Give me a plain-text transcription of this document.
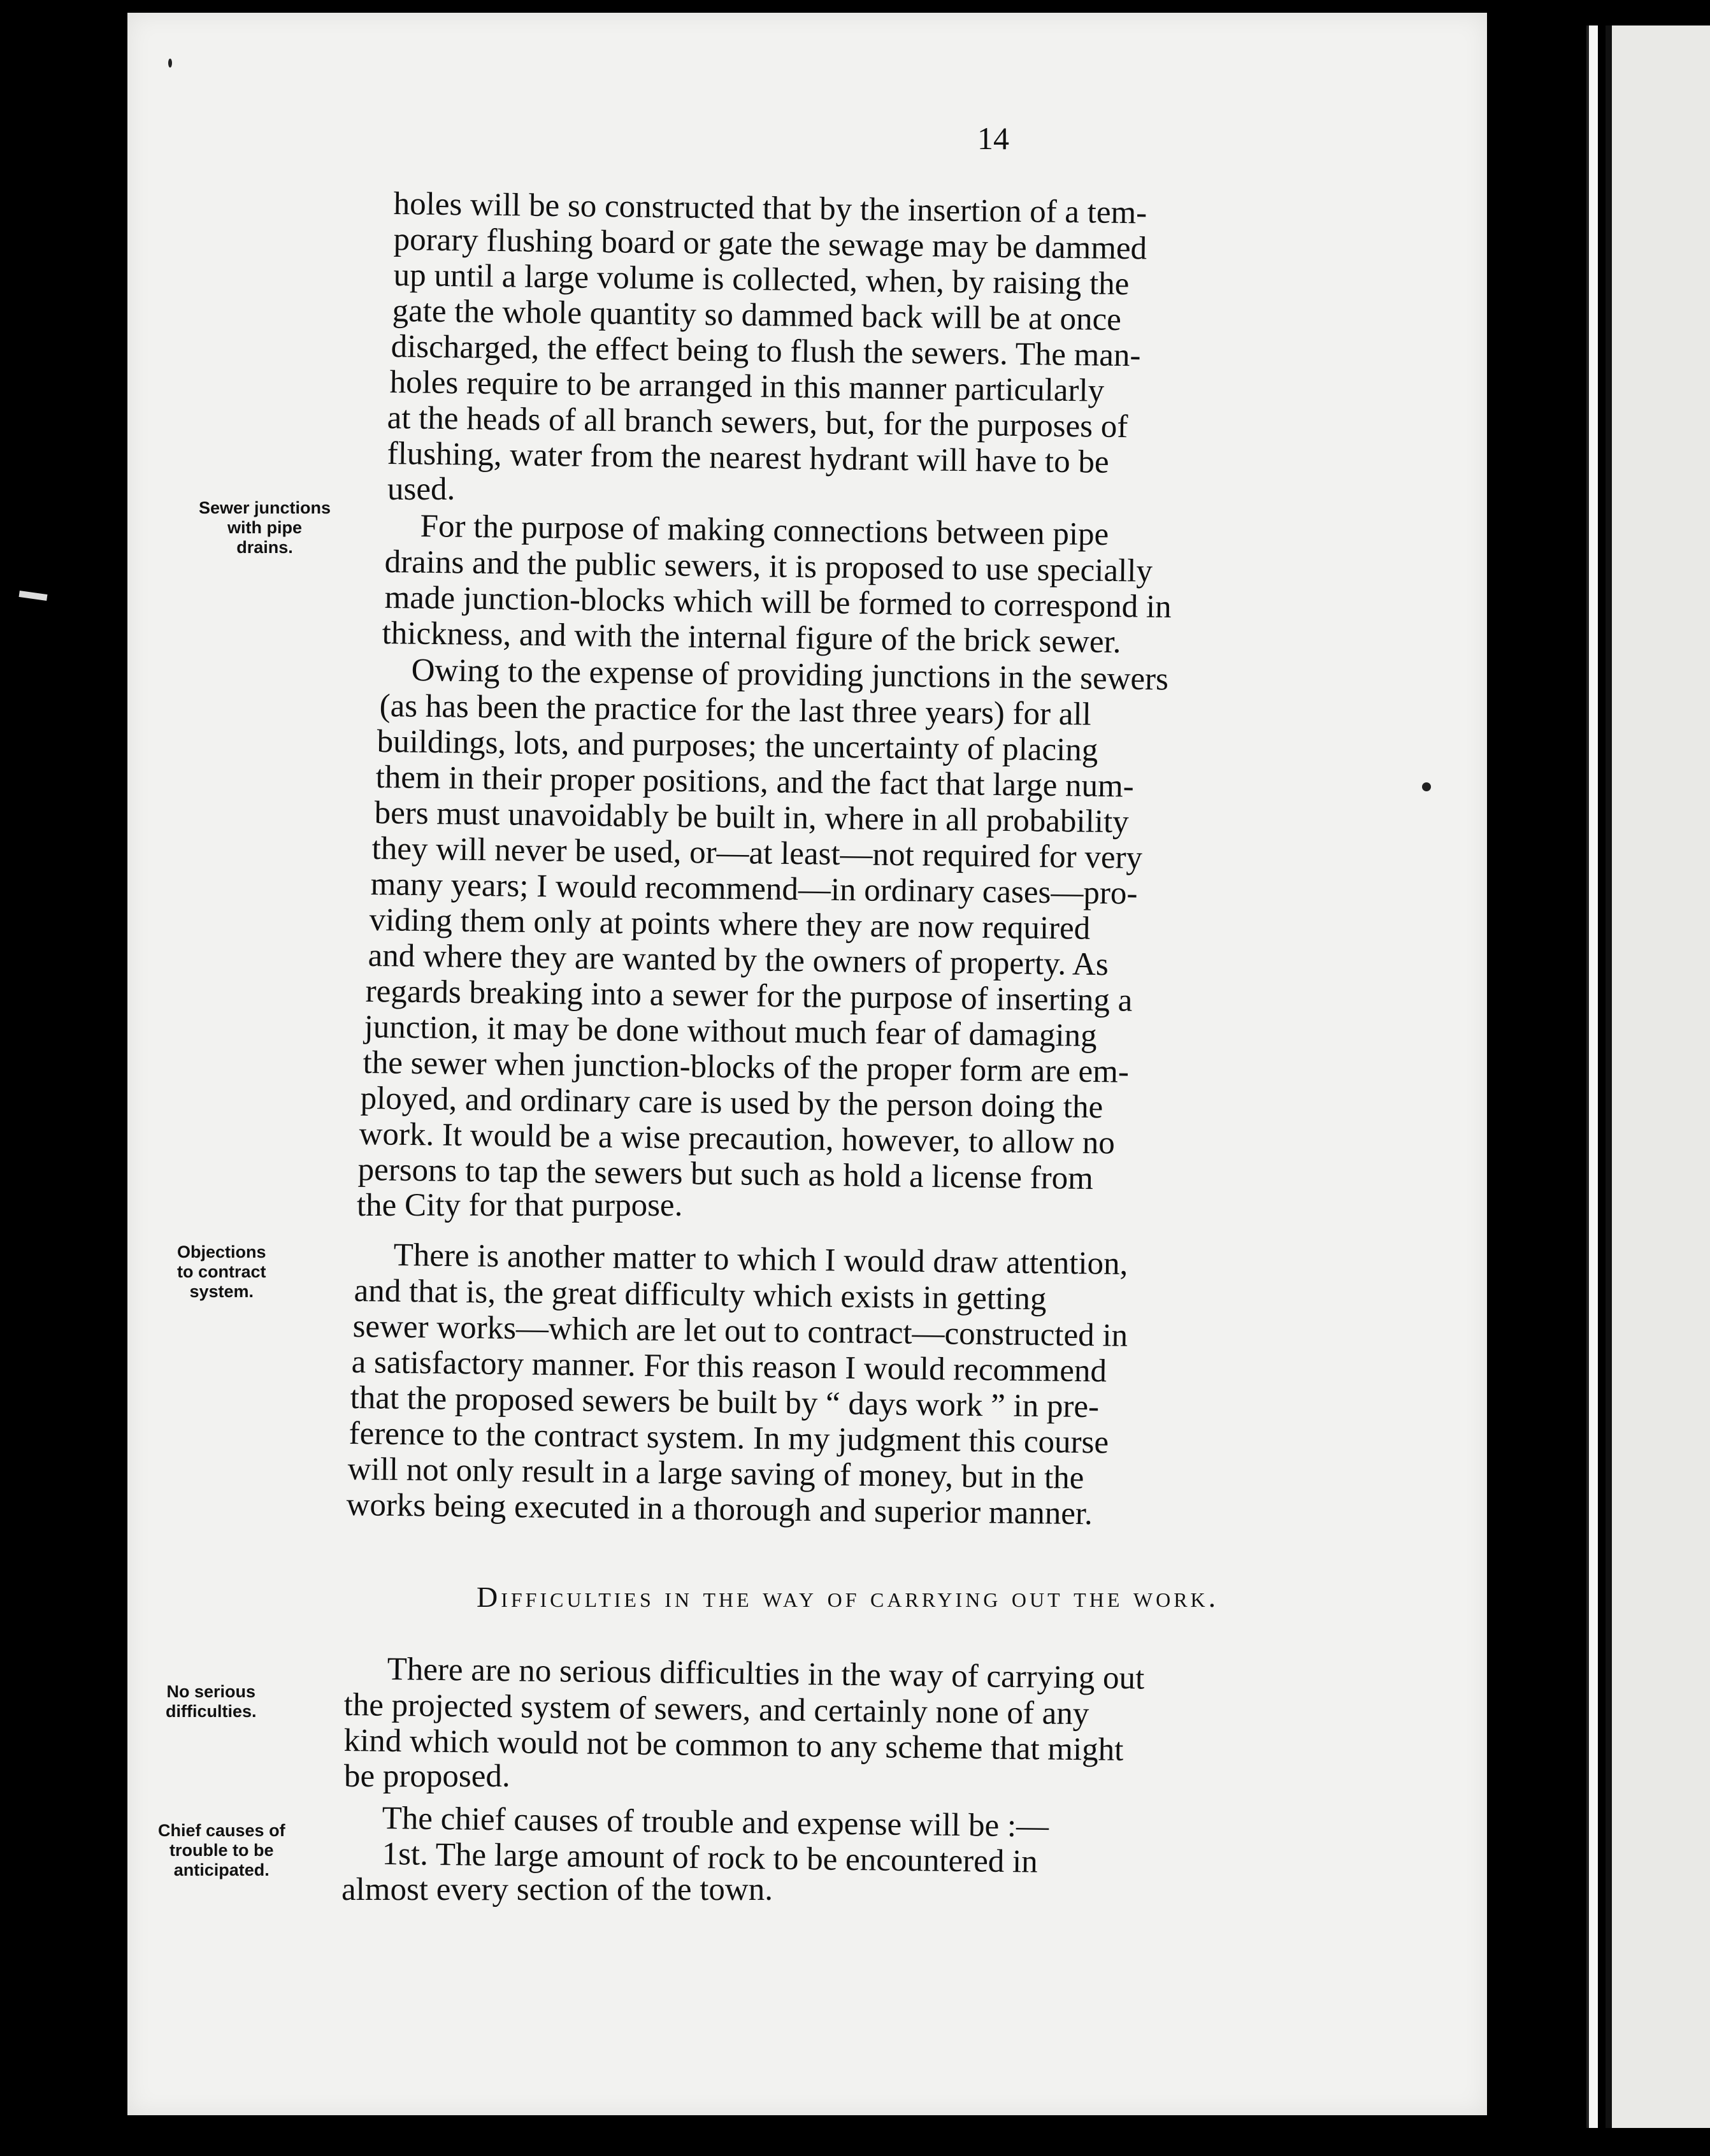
14
Sewer junctions
with pipe
drains.
Objections
to contract
system.
No serious
difficulties.
Chief causes of
trouble to be
anticipated.
holes will be so constructed that by the insertion of a tem-
porary flushing board or gate the sewage may be dammed
up until a large volume is collected, when, by raising the
gate the whole quantity so dammed back will be at once
discharged, the effect being to flush the sewers. The man-
holes require to be arranged in this manner particularly
at the heads of all branch sewers, but, for the purposes of
flushing, water from the nearest hydrant will have to be
used.
For the purpose of making connections between pipe
drains and the public sewers, it is proposed to use specially
made junction-blocks which will be formed to correspond in
thickness, and with the internal figure of the brick sewer.
Owing to the expense of providing junctions in the sewers
(as has been the practice for the last three years) for all
buildings, lots, and purposes; the uncertainty of placing
them in their proper positions, and the fact that large num-
bers must unavoidably be built in, where in all probability
they will never be used, or—at least—not required for very
many years; I would recommend—in ordinary cases—pro-
viding them only at points where they are now required
and where they are wanted by the owners of property. As
regards breaking into a sewer for the purpose of inserting a
junction, it may be done without much fear of damaging
the sewer when junction-blocks of the proper form are em-
ployed, and ordinary care is used by the person doing the
work. It would be a wise precaution, however, to allow no
persons to tap the sewers but such as hold a license from
the City for that purpose.
There is another matter to which I would draw attention,
and that is, the great difficulty which exists in getting
sewer works—which are let out to contract—constructed in
a satisfactory manner. For this reason I would recommend
that the proposed sewers be built by “ days work ” in pre-
ference to the contract system. In my judgment this course
will not only result in a large saving of money, but in the
works being executed in a thorough and superior manner.
Difficulties in the way of carrying out the work.
There are no serious difficulties in the way of carrying out
the projected system of sewers, and certainly none of any
kind which would not be common to any scheme that might
be proposed.
The chief causes of trouble and expense will be :—
1st. The large amount of rock to be encountered in
almost every section of the town.
